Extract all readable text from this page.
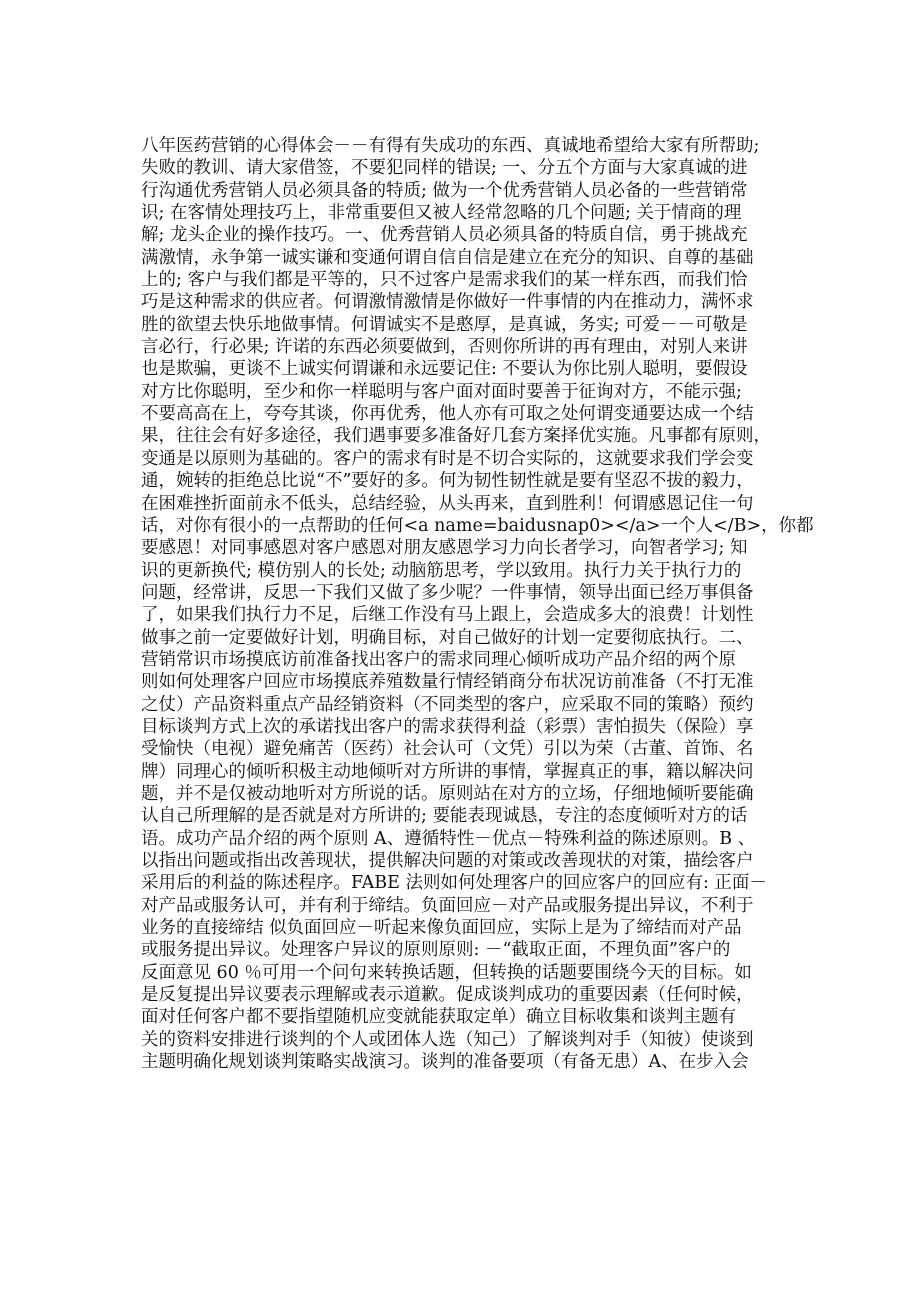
八年医药营销的心得体会－－有得有失成功的东西、真诚地希望给大家有所帮助;
失败的教训、请大家借签，不要犯同样的错误; 一、分五个方面与大家真诚的进
行沟通优秀营销人员必须具备的特质; 做为一个优秀营销人员必备的一些营销常
识; 在客情处理技巧上，非常重要但又被人经常忽略的几个问题; 关于情商的理
解; 龙头企业的操作技巧。一、优秀营销人员必须具备的特质自信，勇于挑战充
满激情，永争第一诚实谦和变通何谓自信自信是建立在充分的知识、自尊的基础
上的; 客户与我们都是平等的，只不过客户是需求我们的某一样东西，而我们恰
巧是这种需求的供应者。何谓激情激情是你做好一件事情的内在推动力，满怀求
胜的欲望去快乐地做事情。何谓诚实不是憨厚，是真诚，务实; 可爱－－可敬是
言必行，行必果; 许诺的东西必须要做到，否则你所讲的再有理由，对别人来讲
也是欺骗，更谈不上诚实何谓谦和永远要记住: 不要认为你比别人聪明，要假设
对方比你聪明，至少和你一样聪明与客户面对面时要善于征询对方，不能示强;
不要高高在上，夸夸其谈，你再优秀，他人亦有可取之处何谓变通要达成一个结
果，往往会有好多途径，我们遇事要多准备好几套方案择优实施。凡事都有原则，
变通是以原则为基础的。客户的需求有时是不切合实际的，这就要求我们学会变
通，婉转的拒绝总比说“不”要好的多。何为韧性韧性就是要有坚忍不拔的毅力，
在困难挫折面前永不低头，总结经验，从头再来，直到胜利！何谓感恩记住一句
话，对你有很小的一点帮助的任何<a name=baidusnap0></a>一个人</B>，你都
要感恩！对同事感恩对客户感恩对朋友感恩学习力向长者学习，向智者学习; 知
识的更新换代; 模仿别人的长处; 动脑筋思考，学以致用。执行力关于执行力的
问题，经常讲，反思一下我们又做了多少呢？一件事情，领导出面已经万事俱备
了，如果我们执行力不足，后继工作没有马上跟上，会造成多大的浪费！计划性
做事之前一定要做好计划，明确目标，对自己做好的计划一定要彻底执行。二、
营销常识市场摸底访前准备找出客户的需求同理心倾听成功产品介绍的两个原
则如何处理客户回应市场摸底养殖数量行情经销商分布状况访前准备（不打无准
之仗）产品资料重点产品经销资料（不同类型的客户，应采取不同的策略）预约
目标谈判方式上次的承诺找出客户的需求获得利益（彩票）害怕损失（保险）享
受愉快（电视）避免痛苦（医药）社会认可（文凭）引以为荣（古董、首饰、名
牌）同理心的倾听积极主动地倾听对方所讲的事情，掌握真正的事，籍以解决问
题，并不是仅被动地听对方所说的话。原则站在对方的立场，仔细地倾听要能确
认自己所理解的是否就是对方所讲的; 要能表现诚恳，专注的态度倾听对方的话
语。成功产品介绍的两个原则 A、遵循特性－优点－特殊利益的陈述原则。B 、
以指出问题或指出改善现状，提供解决问题的对策或改善现状的对策，描绘客户
采用后的利益的陈述程序。FABE 法则如何处理客户的回应客户的回应有: 正面－
对产品或服务认可，并有利于缔结。负面回应－对产品或服务提出异议，不利于
业务的直接缔结 似负面回应－听起来像负面回应，实际上是为了缔结而对产品
或服务提出异议。处理客户异议的原则原则: －“截取正面，不理负面”客户的
反面意见 60 ％可用一个问句来转换话题，但转换的话题要围绕今天的目标。如
是反复提出异议要表示理解或表示道歉。促成谈判成功的重要因素（任何时候，
面对任何客户都不要指望随机应变就能获取定单）确立目标收集和谈判主题有
关的资料安排进行谈判的个人或团体人选（知己）了解谈判对手（知彼）使谈到
主题明确化规划谈判策略实战演习。谈判的准备要项（有备无患）A、在步入会
